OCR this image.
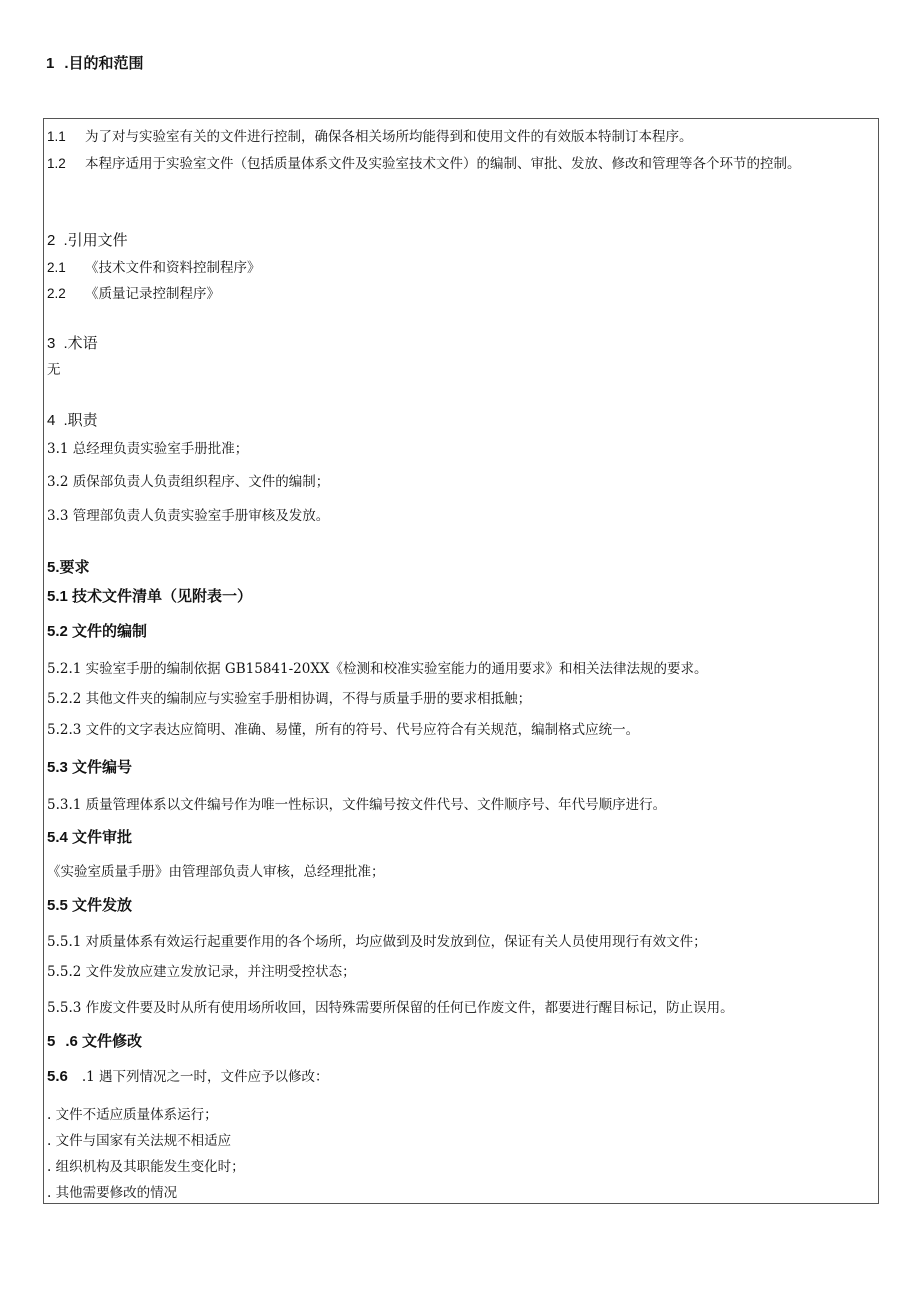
1 .目的和范围
1.1 为了对与实验室有关的文件进行控制，确保各相关场所均能得到和使用文件的有效版本特制订本程序。
1.2 本程序适用于实验室文件（包括质量体系文件及实验室技术文件）的编制、审批、发放、修改和管理等各个环节的控制。
2 .引用文件
2.1 《技术文件和资料控制程序》
2.2 《质量记录控制程序》
3 .术语
无
4 .职责
3.1 总经理负责实验室手册批准；
3.2 质保部负责人负责组织程序、文件的编制；
3.3 管理部负责人负责实验室手册审核及发放。
5.要求
5.1 技术文件清单（见附表一）
5.2 文件的编制
5.2.1 实验室手册的编制依据 GB15841-20XX《检测和校准实验室能力的通用要求》和相关法律法规的要求。
5.2.2 其他文件夹的编制应与实验室手册相协调，不得与质量手册的要求相抵触；
5.2.3 文件的文字表达应简明、准确、易懂，所有的符号、代号应符合有关规范，编制格式应统一。
5.3 文件编号
5.3.1 质量管理体系以文件编号作为唯一性标识，文件编号按文件代号、文件顺序号、年代号顺序进行。
5.4 文件审批
《实验室质量手册》由管理部负责人审核，总经理批准；
5.5 文件发放
5.5.1 对质量体系有效运行起重要作用的各个场所，均应做到及时发放到位，保证有关人员使用现行有效文件；
5.5.2 文件发放应建立发放记录，并注明受控状态；
5.5.3 作废文件要及时从所有使用场所收回，因特殊需要所保留的任何已作废文件，都要进行醒目标记，防止误用。
5 .6 文件修改
5.6 .1 遇下列情况之一时，文件应予以修改：
. 文件不适应质量体系运行；
. 文件与国家有关法规不相适应
. 组织机构及其职能发生变化时；
. 其他需要修改的情况
